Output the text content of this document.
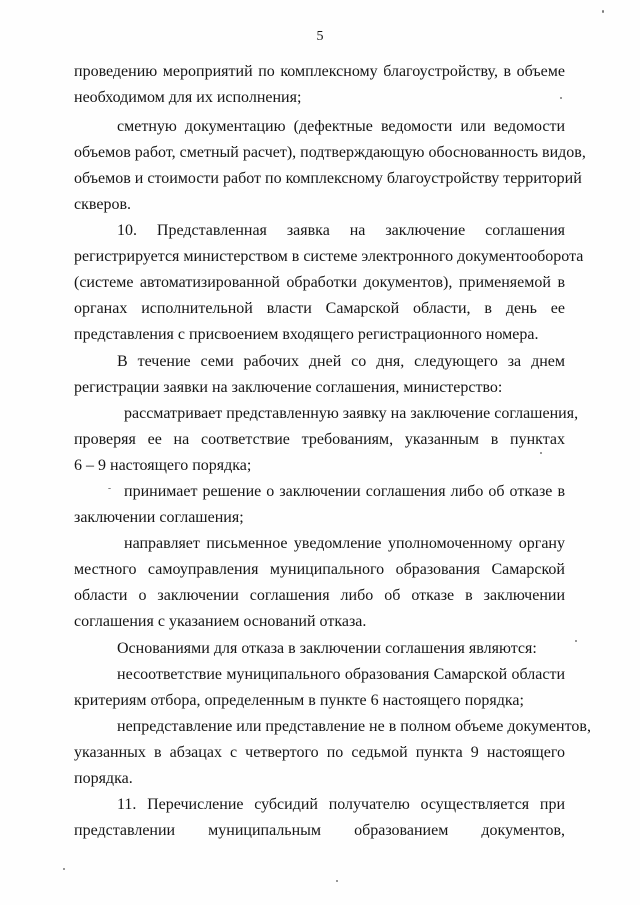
5
проведению мероприятий по комплексному благоустройству, в объеме
необходимом для их исполнения;
сметную документацию (дефектные ведомости или ведомости
объемов работ, сметный расчет), подтверждающую обоснованность видов,
объемов и стоимости работ по комплексному благоустройству территорий
скверов.
10. Представленная заявка на заключение соглашения
регистрируется министерством в системе электронного документооборота
(системе автоматизированной обработки документов), применяемой в
органах исполнительной власти Самарской области, в день ее
представления с присвоением входящего регистрационного номера.
В течение семи рабочих дней со дня, следующего за днем
регистрации заявки на заключение соглашения, министерство:
рассматривает представленную заявку на заключение соглашения,
проверяя ее на соответствие требованиям, указанным в пунктах
6 – 9 настоящего порядка;
принимает решение о заключении соглашения либо об отказе в
заключении соглашения;
направляет письменное уведомление уполномоченному органу
местного самоуправления муниципального образования Самарской
области о заключении соглашения либо об отказе в заключении
соглашения с указанием оснований отказа.
Основаниями для отказа в заключении соглашения являются:
несоответствие муниципального образования Самарской области
критериям отбора, определенным в пункте 6 настоящего порядка;
непредставление или представление не в полном объеме документов,
указанных в абзацах с четвертого по седьмой пункта 9 настоящего
порядка.
11. Перечисление субсидий получателю осуществляется при
представлении муниципальным образованием документов,
